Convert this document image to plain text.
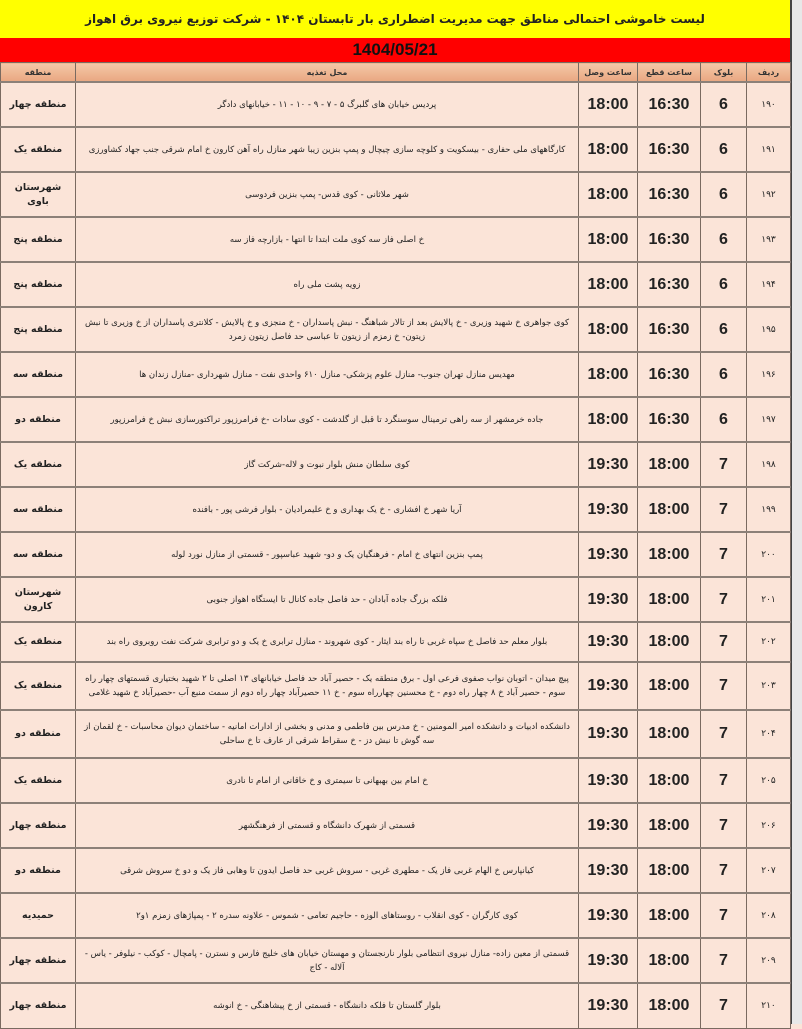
لیست خاموشی احتمالی مناطق جهت مدیریت اضطراری بار تابستان ۱۴۰۴ - شرکت توزیع نیروی برق اهواز
1404/05/21
ردیف	بلوک	ساعت قطع	ساعت وصل	محل تغذیه	منطقه
۱۹۰	6	16:30	18:00	پردیس خیابان های گلبرگ ۵ - ۷ - ۹ - ۱۰ - ۱۱ - خیابانهای دادگر	منطقه چهار
۱۹۱	6	16:30	18:00	کارگاههای ملی حفاری - بیسکویت و کلوچه سازی چیچال و پمپ بنزین زیبا شهر منازل راه آهن کارون خ امام شرقی جنب جهاد کشاورزی	منطقه یک
۱۹۲	6	16:30	18:00	شهر ملاثانی - کوی قدس- پمپ بنزین فردوسی	شهرستان باوی
۱۹۳	6	16:30	18:00	خ اصلی فاز سه کوی ملت ابتدا تا انتها - بازارچه فاز سه	منطقه پنج
۱۹۴	6	16:30	18:00	زویه پشت ملی راه	منطقه پنج
۱۹۵	6	16:30	18:00	کوی جواهری خ شهید وزیری - خ پالایش بعد از تالار شباهنگ - نبش پاسداران - خ منجزی و خ پالایش - کلانتری پاسداران از خ وزیری تا نبش زیتون- خ زمزم از زیتون تا عباسی حد فاصل زیتون زمرد	منطقه پنج
۱۹۶	6	16:30	18:00	مهدیس منازل تهران جنوب- منازل علوم پزشکی- منازل ۶۱۰ واحدی نفت - منازل شهرداری -منازل زندان ها	منطقه سه
۱۹۷	6	16:30	18:00	جاده خرمشهر از سه راهی ترمینال سوسنگرد تا قبل از گلدشت - کوی سادات -خ فرامرزپور تراکتورسازی نبش خ فرامرزپور	منطقه دو
۱۹۸	7	18:00	19:30	کوی سلطان منش بلوار نبوت و لاله-شرکت گاز	منطقه یک
۱۹۹	7	18:00	19:30	آریا شهر خ افشاری - خ یک بهداری و خ علیمرادیان - بلوار فرشی پور - بافنده	منطقه سه
۲۰۰	7	18:00	19:30	پمپ بنزین انتهای خ امام - فرهنگیان یک و دو- شهید عباسپور - قسمتی از منازل نورد لوله	منطقه سه
۲۰۱	7	18:00	19:30	فلکه بزرگ جاده آبادان - حد فاصل جاده کانال تا ایستگاه اهواز جنوبی	شهرستان کارون
۲۰۲	7	18:00	19:30	بلوار معلم حد فاصل خ سپاه غربی تا راه بند ایثار - کوی شهروند - منازل ترابری خ یک و دو ترابری شرکت نفت روبروی راه بند	منطقه یک
۲۰۳	7	18:00	19:30	پیچ میدان - اتوبان نواب صفوی فرعی اول - برق منطقه یک - حصیر آباد حد فاصل خیابانهای ۱۳ اصلی تا ۲ شهید بختیاری قسمتهای چهار راه سوم - حصیر آباد خ ۸ چهار راه دوم - خ محسنین چهارراه سوم - خ ۱۱ حصیرآباد چهار راه دوم از سمت منبع آب -حصیرآباد خ شهید غلامی	منطقه یک
۲۰۴	7	18:00	19:30	دانشکده ادبیات و دانشکده امیر المومنین - خ مدرس بین فاطمی و مدنی و بخشی از ادارات امانیه - ساختمان دیوان محاسبات - خ لقمان از سه گوش تا نبش دز - خ سقراط شرقی از عارف تا خ ساحلی	منطقه دو
۲۰۵	7	18:00	19:30	خ امام بین بهبهانی تا سیمتری و خ خاقانی از امام تا نادری	منطقه یک
۲۰۶	7	18:00	19:30	قسمتی از شهرک دانشگاه و قسمتی از فرهنگشهر	منطقه چهار
۲۰۷	7	18:00	19:30	کیانپارس خ الهام غربی فاز یک - مطهری غربی - سروش غربی حد فاصل ایدون تا وهابی فاز یک و دو خ سروش شرقی	منطقه دو
۲۰۸	7	18:00	19:30	کوی کارگران - کوی انقلاب - روستاهای الوزه - حاجیم تعامی - شموس - علاونه سدره ۲ - پمپاژهای زمزم ۱و۲	حمیدیه
۲۰۹	7	18:00	19:30	قسمتی از معین زاده- منازل نیروی انتظامی بلوار نارنجستان و مهستان خیابان های خلیج فارس و نسترن - پامچال - کوکب - نیلوفر - یاس - آلاله - کاج	منطقه چهار
۲۱۰	7	18:00	19:30	بلوار گلستان تا فلکه دانشگاه - قسمتی از خ پیشاهنگی - خ انوشه	منطقه چهار
